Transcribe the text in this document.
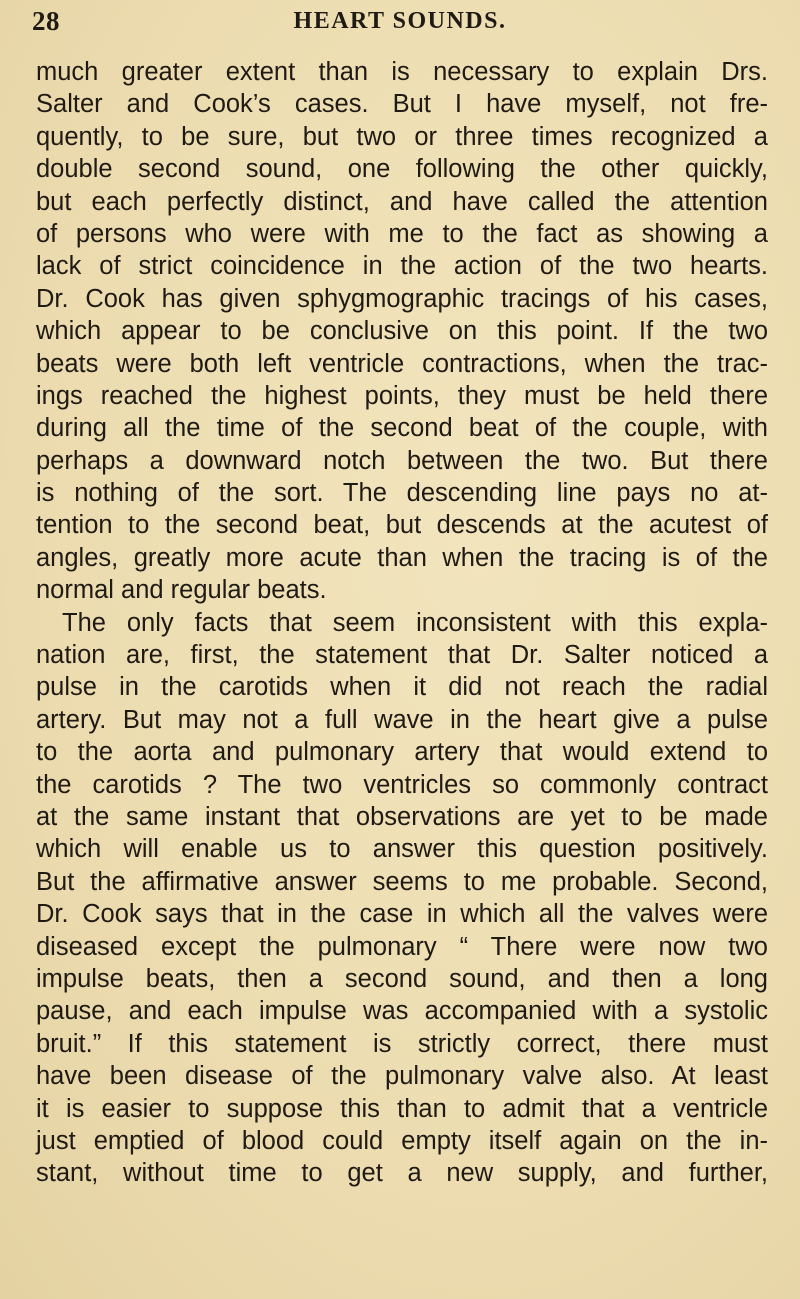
28	HEART SOUNDS.
much greater extent than is necessary to explain Drs.
Salter and Cook’s cases. But I have myself, not fre-
quently, to be sure, but two or three times recognized a
double second sound, one following the other quickly,
but each perfectly distinct, and have called the attention
of persons who were with me to the fact as showing a
lack of strict coincidence in the action of the two hearts.
Dr. Cook has given sphygmographic tracings of his cases,
which appear to be conclusive on this point. If the two
beats were both left ventricle contractions, when the trac-
ings reached the highest points, they must be held there
during all the time of the second beat of the couple, with
perhaps a downward notch between the two. But there
is nothing of the sort. The descending line pays no at-
tention to the second beat, but descends at the acutest of
angles, greatly more acute than when the tracing is of the
normal and regular beats.
The only facts that seem inconsistent with this expla-
nation are, first, the statement that Dr. Salter noticed a
pulse in the carotids when it did not reach the radial
artery. But may not a full wave in the heart give a pulse
to the aorta and pulmonary artery that would extend to
the carotids ? The two ventricles so commonly contract
at the same instant that observations are yet to be made
which will enable us to answer this question positively.
But the affirmative answer seems to me probable. Second,
Dr. Cook says that in the case in which all the valves were
diseased except the pulmonary “ There were now two
impulse beats, then a second sound, and then a long
pause, and each impulse was accompanied with a systolic
bruit.” If this statement is strictly correct, there must
have been disease of the pulmonary valve also. At least
it is easier to suppose this than to admit that a ventricle
just emptied of blood could empty itself again on the in-
stant, without time to get a new supply, and further,
